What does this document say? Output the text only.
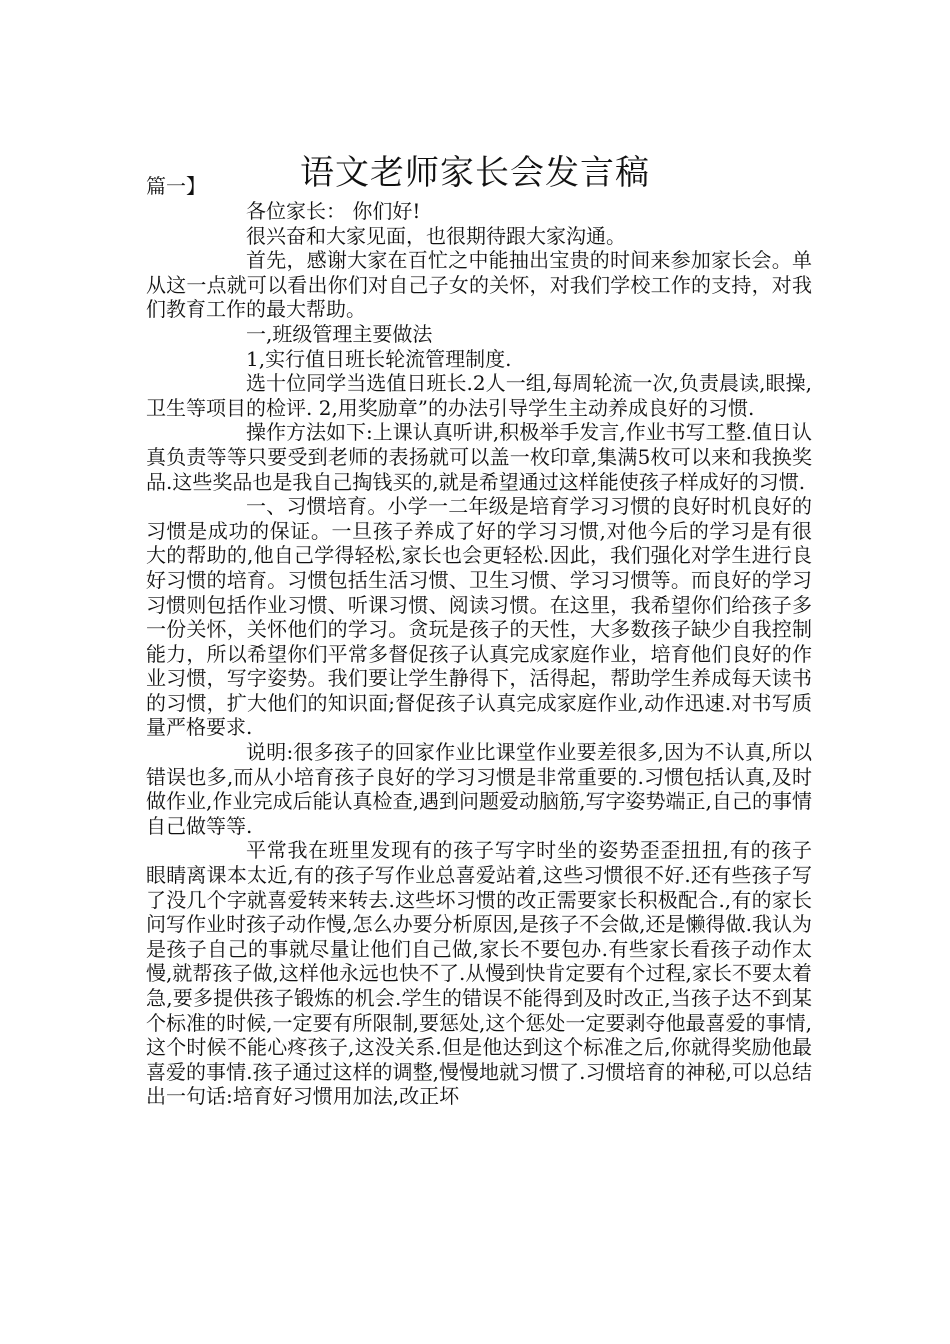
语文老师家长会发言稿
篇一】

各位家长： 你们好!

很兴奋和大家见面，也很期待跟大家沟通。

首先，感谢大家在百忙之中能抽出宝贵的时间来参加家长会。单从这一点就可以看出你们对自己子女的关怀，对我们学校工作的支持，对我们教育工作的最大帮助。

一,班级管理主要做法

1,实行值日班长轮流管理制度.

选十位同学当选值日班长.2人一组,每周轮流一次,负责晨读,眼操,卫生等项目的检评. 2,用奖励章”的办法引导学生主动养成良好的习惯.

操作方法如下:上课认真听讲,积极举手发言,作业书写工整.值日认真负责等等只要受到老师的表扬就可以盖一枚印章,集满5枚可以来和我换奖品.这些奖品也是我自己掏钱买的,就是希望通过这样能使孩子样成好的习惯.

一、习惯培育。小学一二年级是培育学习习惯的良好时机良好的习惯是成功的保证。一旦孩子养成了好的学习习惯,对他今后的学习是有很大的帮助的,他自己学得轻松,家长也会更轻松.因此，我们强化对学生进行良好习惯的培育。习惯包括生活习惯、卫生习惯、学习习惯等。而良好的学习习惯则包括作业习惯、听课习惯、阅读习惯。在这里，我希望你们给孩子多一份关怀，关怀他们的学习。贪玩是孩子的天性，大多数孩子缺少自我控制能力，所以希望你们平常多督促孩子认真完成家庭作业，培育他们良好的作业习惯，写字姿势。我们要让学生静得下，活得起，帮助学生养成每天读书的习惯，扩大他们的知识面;督促孩子认真完成家庭作业,动作迅速.对书写质量严格要求.

说明:很多孩子的回家作业比课堂作业要差很多,因为不认真,所以错误也多,而从小培育孩子良好的学习习惯是非常重要的.习惯包括认真,及时做作业,作业完成后能认真检查,遇到问题爱动脑筋,写字姿势端正,自己的事情自己做等等.

平常我在班里发现有的孩子写字时坐的姿势歪歪扭扭,有的孩子眼睛离课本太近,有的孩子写作业总喜爱站着,这些习惯很不好.还有些孩子写了没几个字就喜爱转来转去.这些坏习惯的改正需要家长积极配合.,有的家长问写作业时孩子动作慢,怎么办要分析原因,是孩子不会做,还是懒得做.我认为是孩子自己的事就尽量让他们自己做,家长不要包办.有些家长看孩子动作太慢,就帮孩子做,这样他永远也快不了.从慢到快肯定要有个过程,家长不要太着急,要多提供孩子锻炼的机会.学生的错误不能得到及时改正,当孩子达不到某个标准的时候,一定要有所限制,要惩处,这个惩处一定要剥夺他最喜爱的事情,这个时候不能心疼孩子,这没关系.但是他达到这个标准之后,你就得奖励他最喜爱的事情.孩子通过这样的调整,慢慢地就习惯了.习惯培育的神秘,可以总结出一句话:培育好习惯用加法,改正坏
